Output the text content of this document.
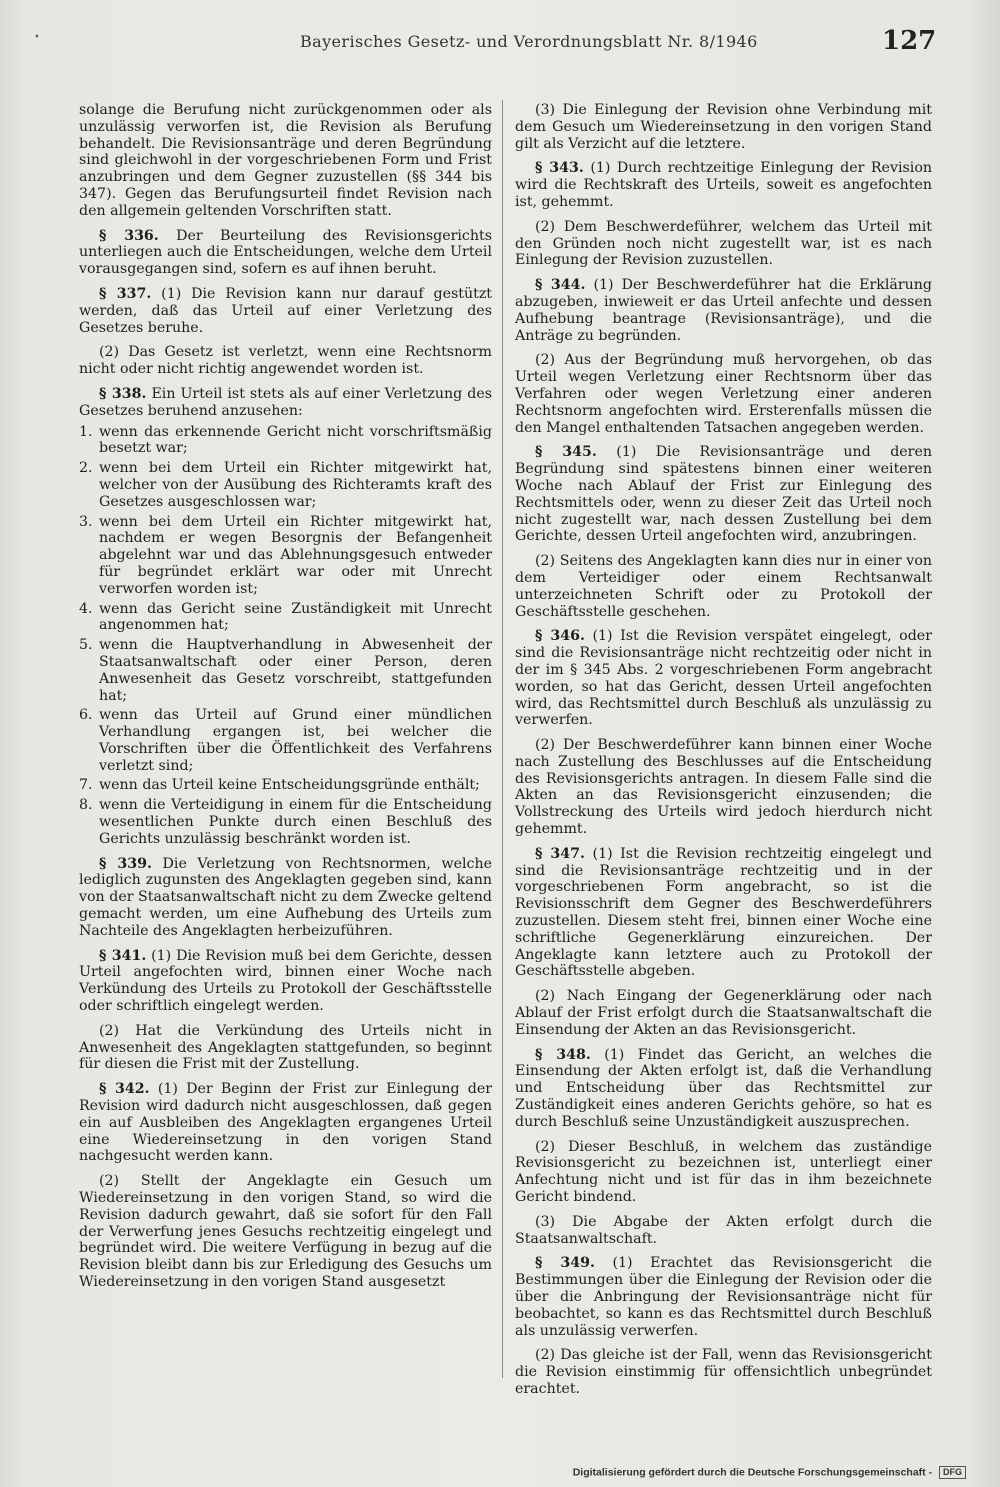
•	Bayerisches Gesetz- und Verordnungsblatt Nr. 8/1946	127

solange die Berufung nicht zurückgenommen oder als unzulässig verworfen ist, die Revision als Berufung behandelt. Die Revisionsanträge und deren Begründung sind gleichwohl in der vorgeschriebenen Form und Frist anzubringen und dem Gegner zuzustellen (§§ 344 bis 347). Gegen das Berufungsurteil findet Revision nach den allgemein geltenden Vorschriften statt.

§ 336. Der Beurteilung des Revisionsgerichts unterliegen auch die Entscheidungen, welche dem Urteil vorausgegangen sind, sofern es auf ihnen beruht.

§ 337. (1) Die Revision kann nur darauf gestützt werden, daß das Urteil auf einer Verletzung des Gesetzes beruhe.

(2) Das Gesetz ist verletzt, wenn eine Rechtsnorm nicht oder nicht richtig angewendet worden ist.

§ 338. Ein Urteil ist stets als auf einer Verletzung des Gesetzes beruhend anzusehen:

1. wenn das erkennende Gericht nicht vorschriftsmäßig besetzt war;
2. wenn bei dem Urteil ein Richter mitgewirkt hat, welcher von der Ausübung des Richteramts kraft des Gesetzes ausgeschlossen war;
3. wenn bei dem Urteil ein Richter mitgewirkt hat, nachdem er wegen Besorgnis der Befangenheit abgelehnt war und das Ablehnungsgesuch entweder für begründet erklärt war oder mit Unrecht verworfen worden ist;
4. wenn das Gericht seine Zuständigkeit mit Unrecht angenommen hat;
5. wenn die Hauptverhandlung in Abwesenheit der Staatsanwaltschaft oder einer Person, deren Anwesenheit das Gesetz vorschreibt, stattgefunden hat;
6. wenn das Urteil auf Grund einer mündlichen Verhandlung ergangen ist, bei welcher die Vorschriften über die Öffentlichkeit des Verfahrens verletzt sind;
7. wenn das Urteil keine Entscheidungsgründe enthält;
8. wenn die Verteidigung in einem für die Entscheidung wesentlichen Punkte durch einen Beschluß des Gerichts unzulässig beschränkt worden ist.

§ 339. Die Verletzung von Rechtsnormen, welche lediglich zugunsten des Angeklagten gegeben sind, kann von der Staatsanwaltschaft nicht zu dem Zwecke geltend gemacht werden, um eine Aufhebung des Urteils zum Nachteile des Angeklagten herbeizuführen.

§ 341. (1) Die Revision muß bei dem Gerichte, dessen Urteil angefochten wird, binnen einer Woche nach Verkündung des Urteils zu Protokoll der Geschäftsstelle oder schriftlich eingelegt werden.

(2) Hat die Verkündung des Urteils nicht in Anwesenheit des Angeklagten stattgefunden, so beginnt für diesen die Frist mit der Zustellung.

§ 342. (1) Der Beginn der Frist zur Einlegung der Revision wird dadurch nicht ausgeschlossen, daß gegen ein auf Ausbleiben des Angeklagten ergangenes Urteil eine Wiedereinsetzung in den vorigen Stand nachgesucht werden kann.

(2) Stellt der Angeklagte ein Gesuch um Wiedereinsetzung in den vorigen Stand, so wird die Revision dadurch gewahrt, daß sie sofort für den Fall der Verwerfung jenes Gesuchs rechtzeitig eingelegt und begründet wird. Die weitere Verfügung in bezug auf die Revision bleibt dann bis zur Erledigung des Gesuchs um Wiedereinsetzung in den vorigen Stand ausgesetzt

(3) Die Einlegung der Revision ohne Verbindung mit dem Gesuch um Wiedereinsetzung in den vorigen Stand gilt als Verzicht auf die letztere.

§ 343. (1) Durch rechtzeitige Einlegung der Revision wird die Rechtskraft des Urteils, soweit es angefochten ist, gehemmt.

(2) Dem Beschwerdeführer, welchem das Urteil mit den Gründen noch nicht zugestellt war, ist es nach Einlegung der Revision zuzustellen.

§ 344. (1) Der Beschwerdeführer hat die Erklärung abzugeben, inwieweit er das Urteil anfechte und dessen Aufhebung beantrage (Revisionsanträge), und die Anträge zu begründen.

(2) Aus der Begründung muß hervorgehen, ob das Urteil wegen Verletzung einer Rechtsnorm über das Verfahren oder wegen Verletzung einer anderen Rechtsnorm angefochten wird. Ersterenfalls müssen die den Mangel enthaltenden Tatsachen angegeben werden.

§ 345. (1) Die Revisionsanträge und deren Begründung sind spätestens binnen einer weiteren Woche nach Ablauf der Frist zur Einlegung des Rechtsmittels oder, wenn zu dieser Zeit das Urteil noch nicht zugestellt war, nach dessen Zustellung bei dem Gerichte, dessen Urteil angefochten wird, anzubringen.

(2) Seitens des Angeklagten kann dies nur in einer von dem Verteidiger oder einem Rechtsanwalt unterzeichneten Schrift oder zu Protokoll der Geschäftsstelle geschehen.

§ 346. (1) Ist die Revision verspätet eingelegt, oder sind die Revisionsanträge nicht rechtzeitig oder nicht in der im § 345 Abs. 2 vorgeschriebenen Form angebracht worden, so hat das Gericht, dessen Urteil angefochten wird, das Rechtsmittel durch Beschluß als unzulässig zu verwerfen.

(2) Der Beschwerdeführer kann binnen einer Woche nach Zustellung des Beschlusses auf die Entscheidung des Revisionsgerichts antragen. In diesem Falle sind die Akten an das Revisionsgericht einzusenden; die Vollstreckung des Urteils wird jedoch hierdurch nicht gehemmt.

§ 347. (1) Ist die Revision rechtzeitig eingelegt und sind die Revisionsanträge rechtzeitig und in der vorgeschriebenen Form angebracht, so ist die Revisionsschrift dem Gegner des Beschwerdeführers zuzustellen. Diesem steht frei, binnen einer Woche eine schriftliche Gegenerklärung einzureichen. Der Angeklagte kann letztere auch zu Protokoll der Geschäftsstelle abgeben.

(2) Nach Eingang der Gegenerklärung oder nach Ablauf der Frist erfolgt durch die Staatsanwaltschaft die Einsendung der Akten an das Revisionsgericht.

§ 348. (1) Findet das Gericht, an welches die Einsendung der Akten erfolgt ist, daß die Verhandlung und Entscheidung über das Rechtsmittel zur Zuständigkeit eines anderen Gerichts gehöre, so hat es durch Beschluß seine Unzuständigkeit auszusprechen.

(2) Dieser Beschluß, in welchem das zuständige Revisionsgericht zu bezeichnen ist, unterliegt einer Anfechtung nicht und ist für das in ihm bezeichnete Gericht bindend.

(3) Die Abgabe der Akten erfolgt durch die Staatsanwaltschaft.

§ 349. (1) Erachtet das Revisionsgericht die Bestimmungen über die Einlegung der Revision oder die über die Anbringung der Revisionsanträge nicht für beobachtet, so kann es das Rechtsmittel durch Beschluß als unzulässig verwerfen.

(2) Das gleiche ist der Fall, wenn das Revisionsgericht die Revision einstimmig für offensichtlich unbegründet erachtet.

Digitalisierung gefördert durch die Deutsche Forschungsgemeinschaft - DFG
